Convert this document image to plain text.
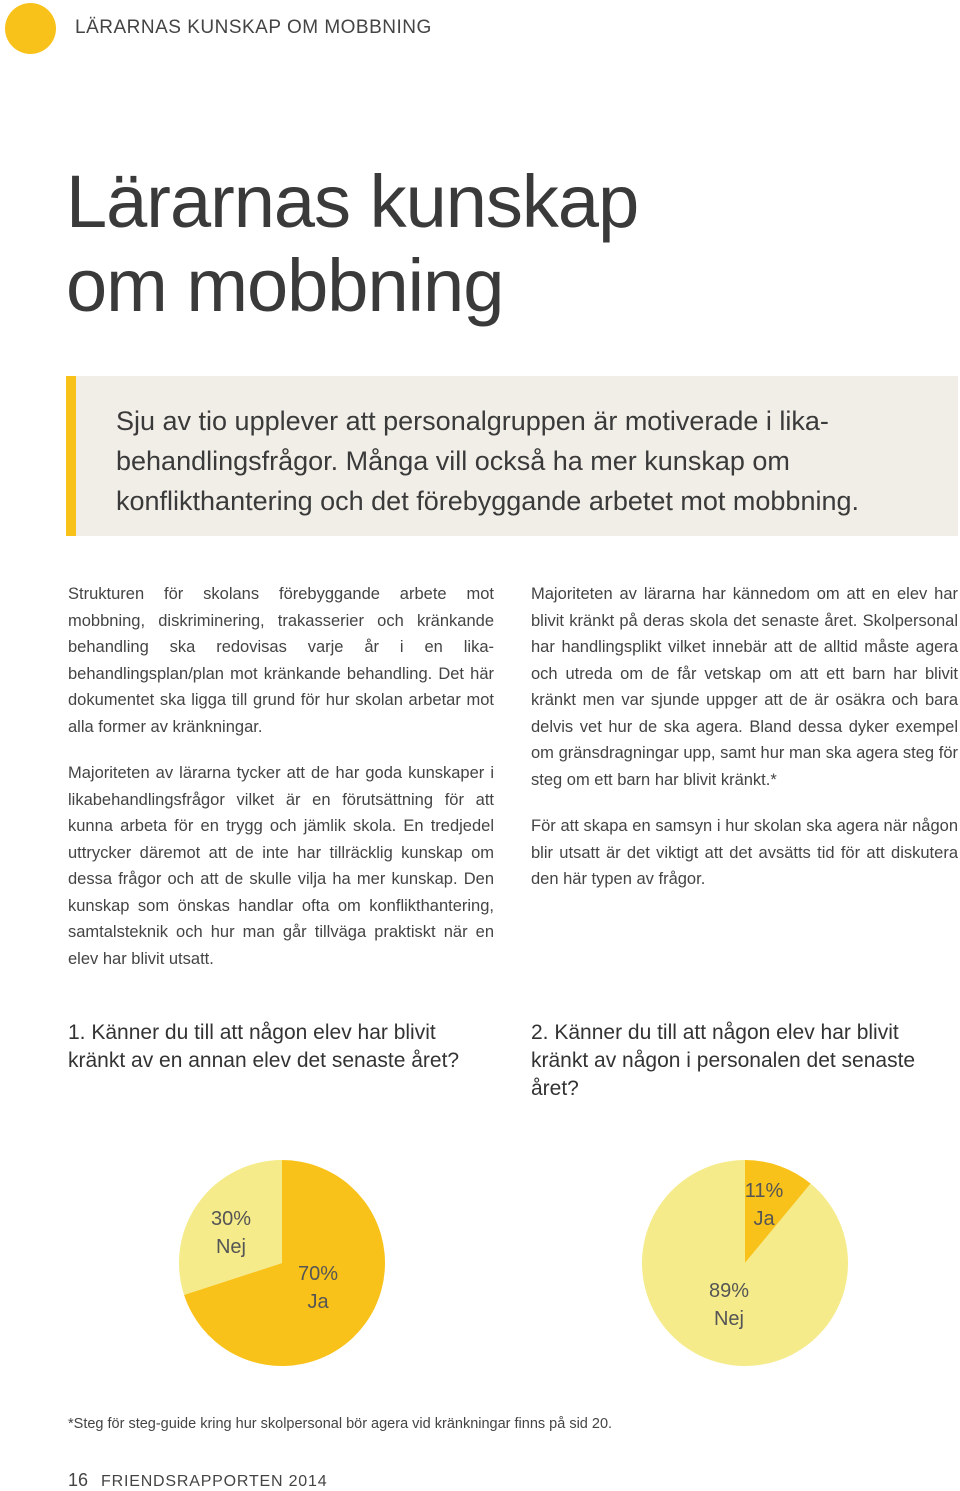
LÄRARNAS KUNSKAP OM MOBBNING
Lärarnas kunskap
om mobbning
Sju av tio upplever att personalgruppen är motiverade i lika-
behandlingsfrågor. Många vill också ha mer kunskap om
konflikthantering och det förebyggande arbetet mot mobbning.

Strukturen för skolans förebyggande arbete mot mobbning, diskriminering, trakasserier och kränkande behandling ska redovisas varje år i en likabehandlingsplan/plan mot kränkande behandling. Det här dokumentet ska ligga till grund för hur skolan arbetar mot alla former av kränkningar.

Majoriteten av lärarna tycker att de har goda kunskaper i likabehandlingsfrågor vilket är en förutsättning för att kunna arbeta för en trygg och jämlik skola. En tredjedel uttrycker däremot att de inte har tillräcklig kunskap om dessa frågor och att de skulle vilja ha mer kunskap. Den kunskap som önskas handlar ofta om konflikthantering, samtalsteknik och hur man går tillväga praktiskt när en elev har blivit utsatt.

Majoriteten av lärarna har kännedom om att en elev har blivit kränkt på deras skola det senaste året. Skolpersonal har handlingsplikt vilket innebär att de alltid måste agera och utreda om de får vetskap om att ett barn har blivit kränkt men var sjunde uppger att de är osäkra och bara delvis vet hur de ska agera. Bland dessa dyker exempel om gränsdragningar upp, samt hur man ska agera steg för steg om ett barn har blivit kränkt.*

För att skapa en samsyn i hur skolan ska agera när någon blir utsatt är det viktigt att det avsätts tid för att diskutera den här typen av frågor.

1. Känner du till att någon elev har blivit kränkt av en annan elev det senaste året?
2. Känner du till att någon elev har blivit kränkt av någon i personalen det senaste året?
70%
Ja
30%
Nej
11%
Ja
89%
Nej
*Steg för steg-guide kring hur skolpersonal bör agera vid kränkningar finns på sid 20.
16 FRIENDSRAPPORTEN 2014
